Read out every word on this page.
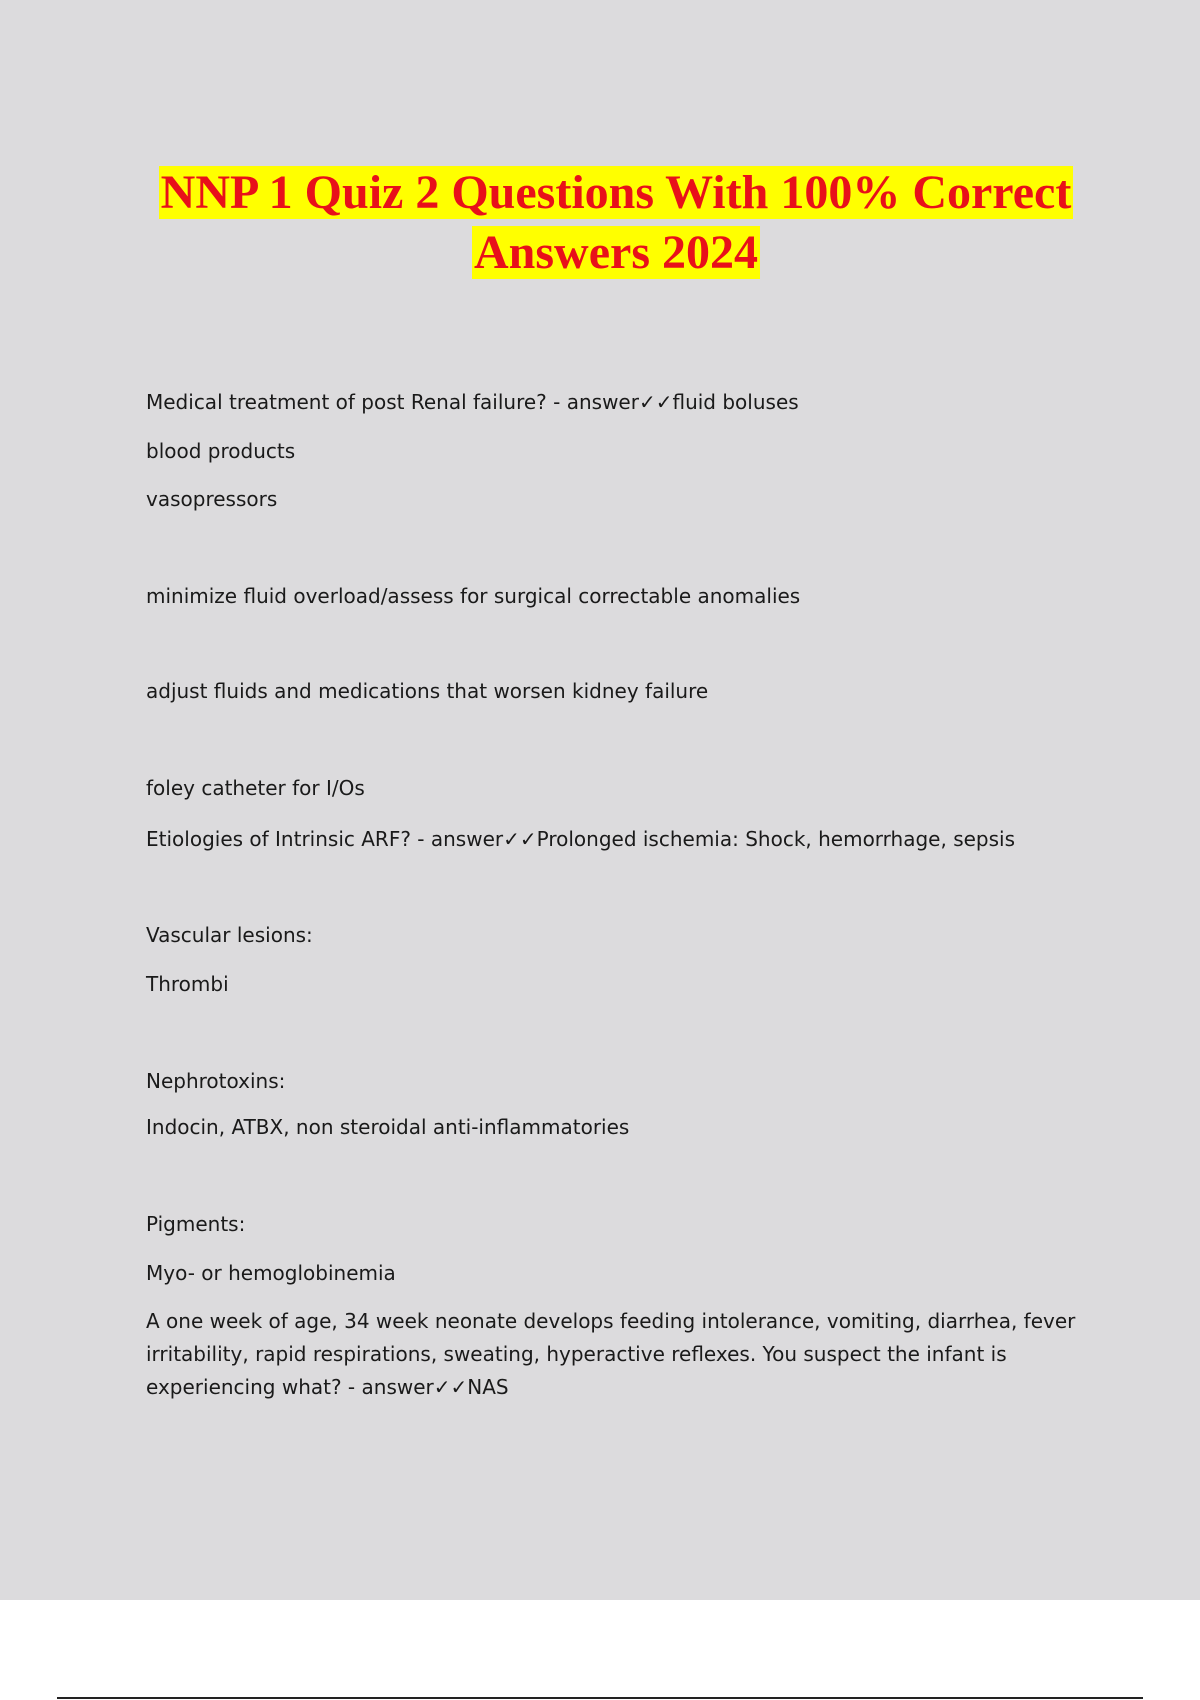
NNP 1 Quiz 2 Questions With 100% Correct
Answers 2024
Medical treatment of post Renal failure? - answer✓✓fluid boluses
blood products
vasopressors
minimize fluid overload/assess for surgical correctable anomalies
adjust fluids and medications that worsen kidney failure
foley catheter for I/Os
Etiologies of Intrinsic ARF? - answer✓✓Prolonged ischemia: Shock, hemorrhage, sepsis
Vascular lesions:
Thrombi
Nephrotoxins:
Indocin, ATBX, non steroidal anti-inflammatories
Pigments:
Myo- or hemoglobinemia
A one week of age, 34 week neonate develops feeding intolerance, vomiting, diarrhea, fever irritability, rapid respirations, sweating, hyperactive reflexes. You suspect the infant is experiencing what? - answer✓✓NAS
